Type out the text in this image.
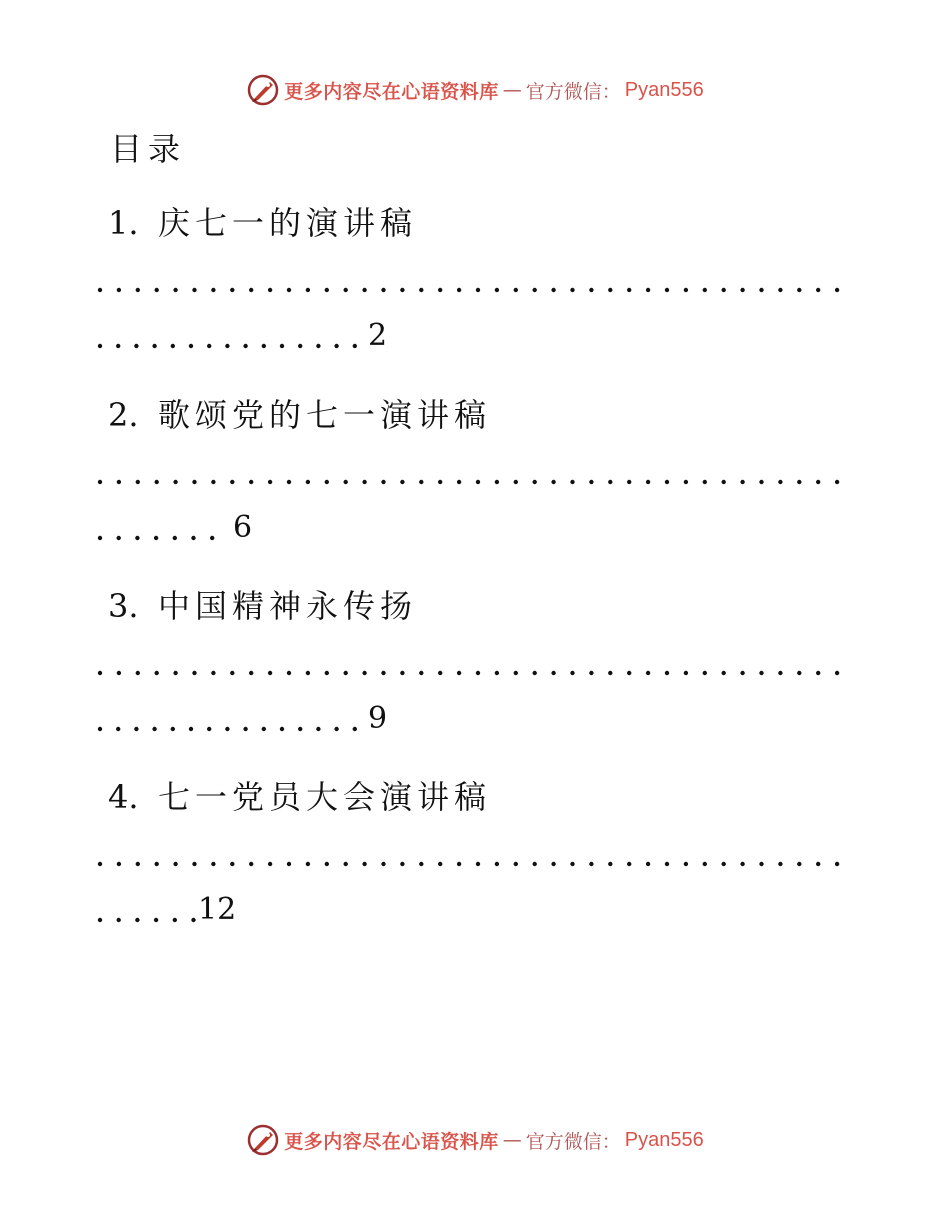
更多内容尽在心语资料库 — 官方微信： Pyan556
目录
1. 庆七一的演讲稿
2
2. 歌颂党的七一演讲稿
6
3. 中国精神永传扬
9
4. 七一党员大会演讲稿
12
更多内容尽在心语资料库 — 官方微信： Pyan556
